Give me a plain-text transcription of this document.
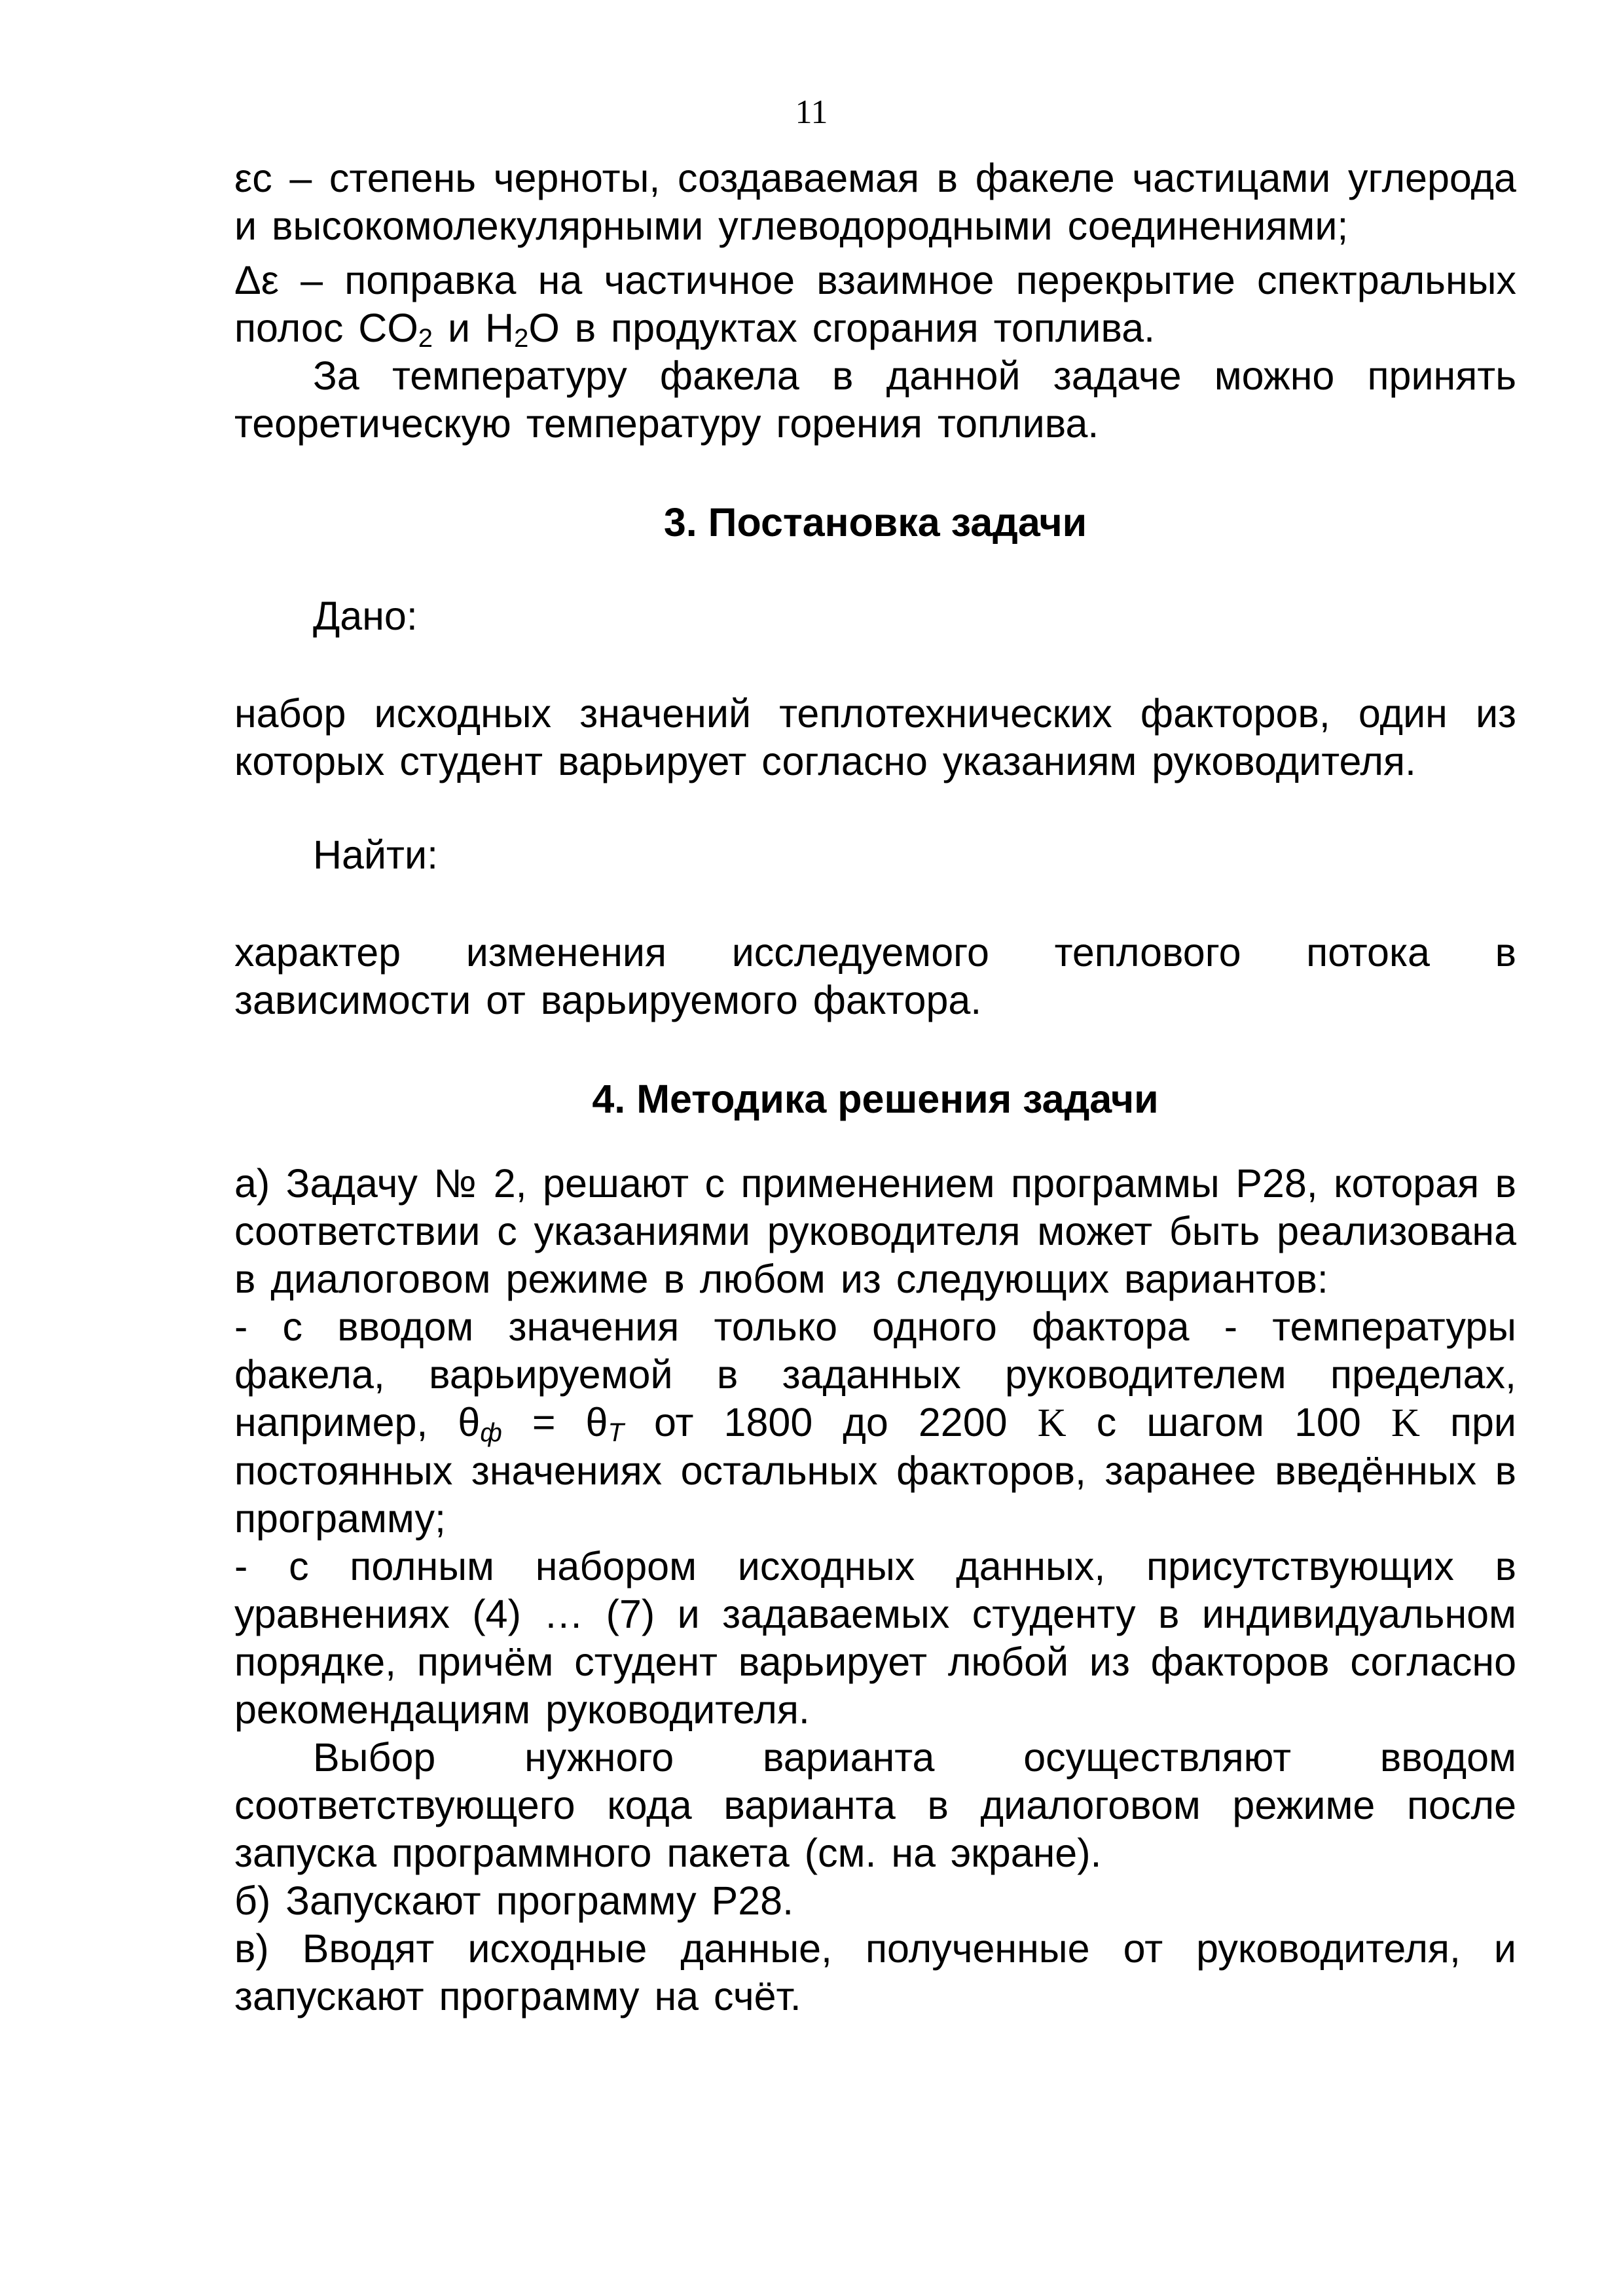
11

εс – степень черноты, создаваемая в факеле частицами углерода и высокомолекулярными углеводородными соединениями;

Δε – поправка на частичное взаимное перекрытие спектральных полос $CO_2$ и $H_2O$ в продуктах сгорания топлива.

За температуру факела в данной задаче можно принять теоретическую температуру горения топлива.

3. Постановка задачи

Дано:

набор исходных значений теплотехнических факторов, один из которых студент варьирует согласно указаниям руководителя.

Найти:

характер изменения исследуемого теплового потока в зависимости от варьируемого фактора.

4. Методика решения задачи

а) Задачу № 2, решают с применением программы Р28, которая в соответствии с указаниями руководителя может быть реализована в диалоговом режиме в любом из следующих вариантов:

- с вводом значения только одного фактора - температуры факела, варьируемой в заданных руководителем пределах, например, $\theta_ф = \theta_T$ от 1800 до 2200 K с шагом 100 K при постоянных значениях остальных факторов, заранее введённых в программу;

- с полным набором исходных данных, присутствующих в уравнениях (4) … (7) и задаваемых студенту в индивидуальном порядке, причём студент варьирует любой из факторов согласно рекомендациям руководителя.

Выбор нужного варианта осуществляют вводом соответствующего кода варианта в диалоговом режиме после запуска программного пакета (см. на экране).

б) Запускают программу Р28.

в) Вводят исходные данные, полученные от руководителя, и запускают программу на счёт.
